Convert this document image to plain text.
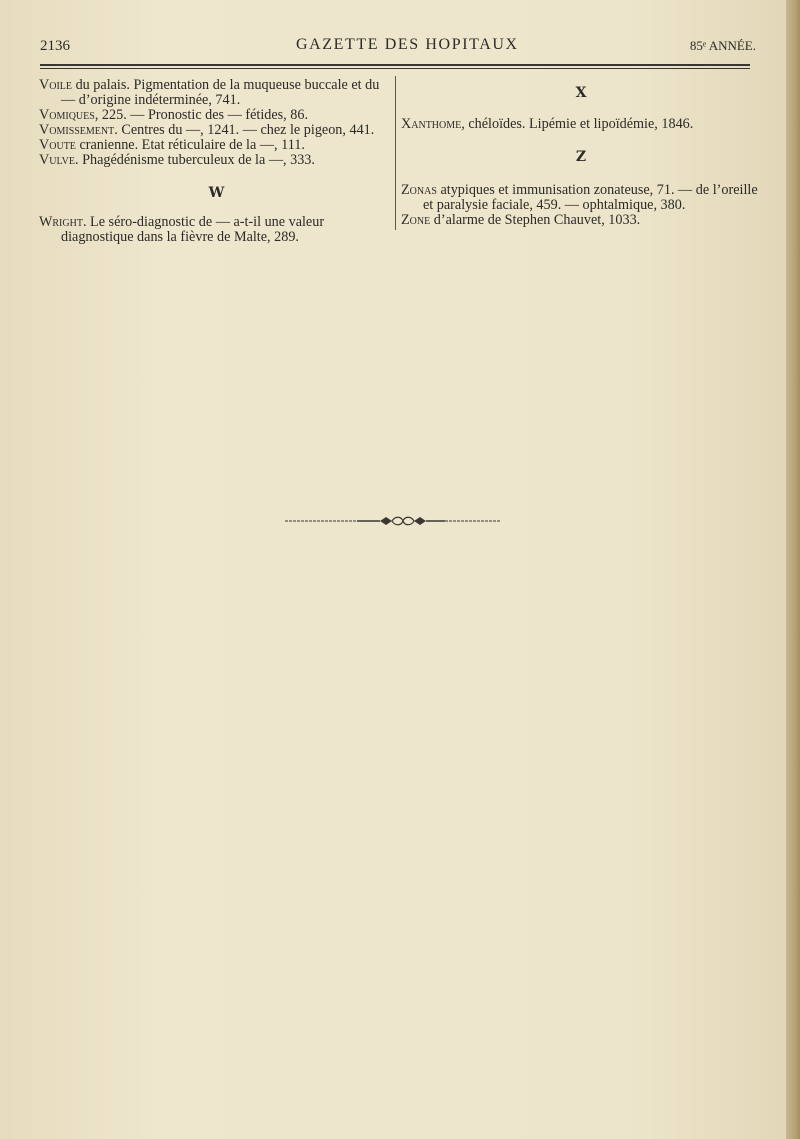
2136	GAZETTE DES HOPITAUX	85ᵉ ANNÉE.

Voile du palais. Pigmentation de la muqueuse buccale et du — d’origine indéterminée, 741.

Vomiques, 225. — Pronostic des — fétides, 86.

Vomissement. Centres du —, 1241. — chez le pigeon, 441.

Voute cranienne. Etat réticulaire de la —, 111.

Vulve. Phagédénisme tuberculeux de la —, 333.

W

Wright. Le séro-diagnostic de — a-t-il une valeur diagnostique dans la fièvre de Malte, 289.

X

Xanthome, chéloïdes. Lipémie et lipoïdémie, 1846.

Z

Zonas atypiques et immunisation zonateuse, 71. — de l’oreille et paralysie faciale, 459. — ophtalmique, 380.

Zone d’alarme de Stephen Chauvet, 1033.
